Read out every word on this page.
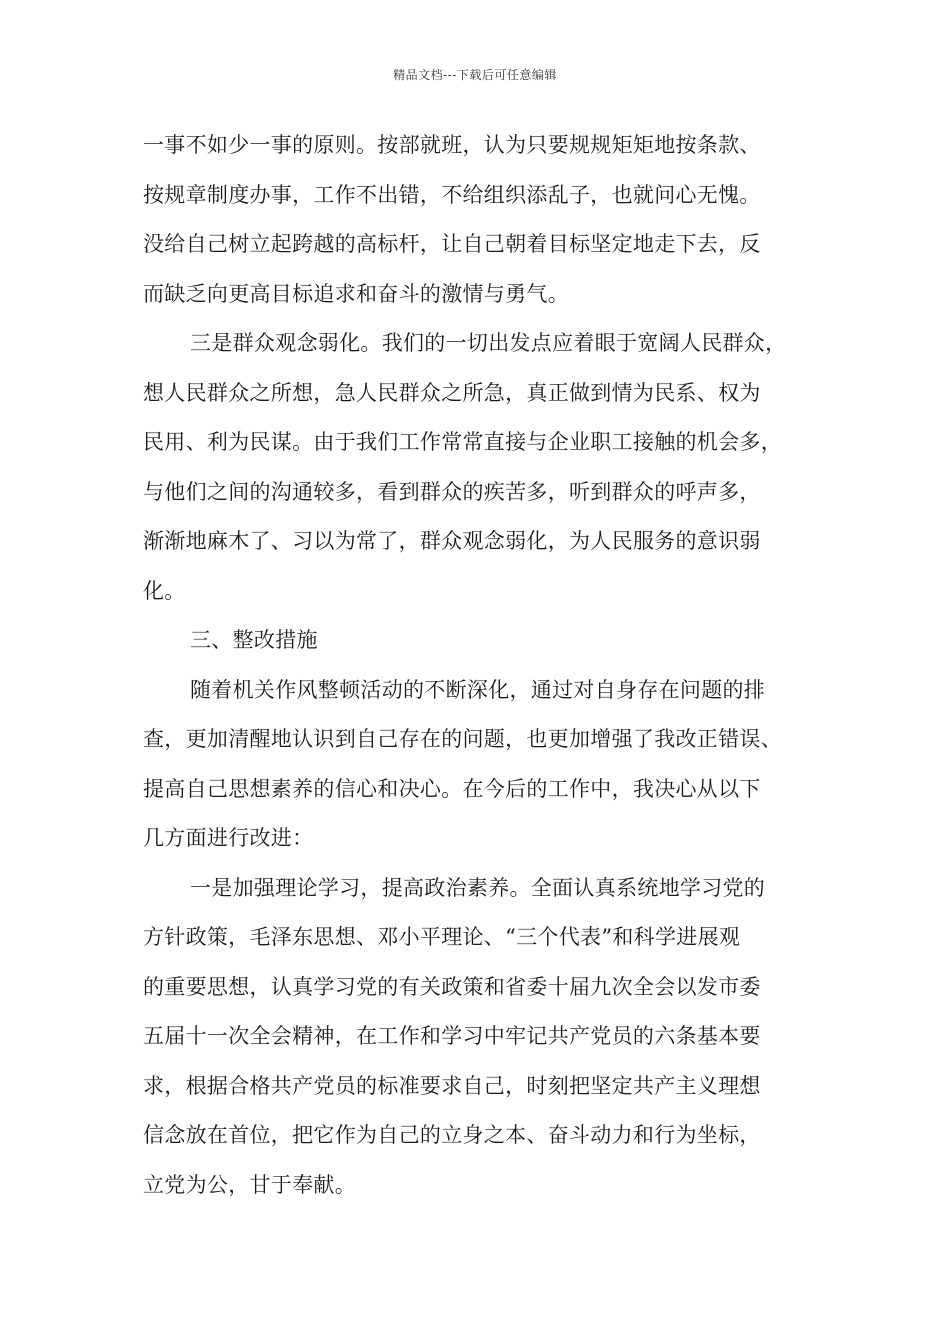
精品文档---下载后可任意编辑
一事不如少一事的原则。按部就班，认为只要规规矩矩地按条款、
按规章制度办事，工作不出错，不给组织添乱子，也就问心无愧。
没给自己树立起跨越的高标杆，让自己朝着目标坚定地走下去，反
而缺乏向更高目标追求和奋斗的激情与勇气。
三是群众观念弱化。我们的一切出发点应着眼于宽阔人民群众，
想人民群众之所想，急人民群众之所急，真正做到情为民系、权为
民用、利为民谋。由于我们工作常常直接与企业职工接触的机会多，
与他们之间的沟通较多，看到群众的疾苦多，听到群众的呼声多，
渐渐地麻木了、习以为常了，群众观念弱化，为人民服务的意识弱
化。
三、整改措施
随着机关作风整顿活动的不断深化，通过对自身存在问题的排
查，更加清醒地认识到自己存在的问题，也更加增强了我改正错误、
提高自己思想素养的信心和决心。在今后的工作中，我决心从以下
几方面进行改进：
一是加强理论学习，提高政治素养。全面认真系统地学习党的
方针政策，毛泽东思想、邓小平理论、“三个代表”和科学进展观
的重要思想，认真学习党的有关政策和省委十届九次全会以发市委
五届十一次全会精神，在工作和学习中牢记共产党员的六条基本要
求，根据合格共产党员的标准要求自己，时刻把坚定共产主义理想
信念放在首位，把它作为自己的立身之本、奋斗动力和行为坐标，
立党为公，甘于奉献。
